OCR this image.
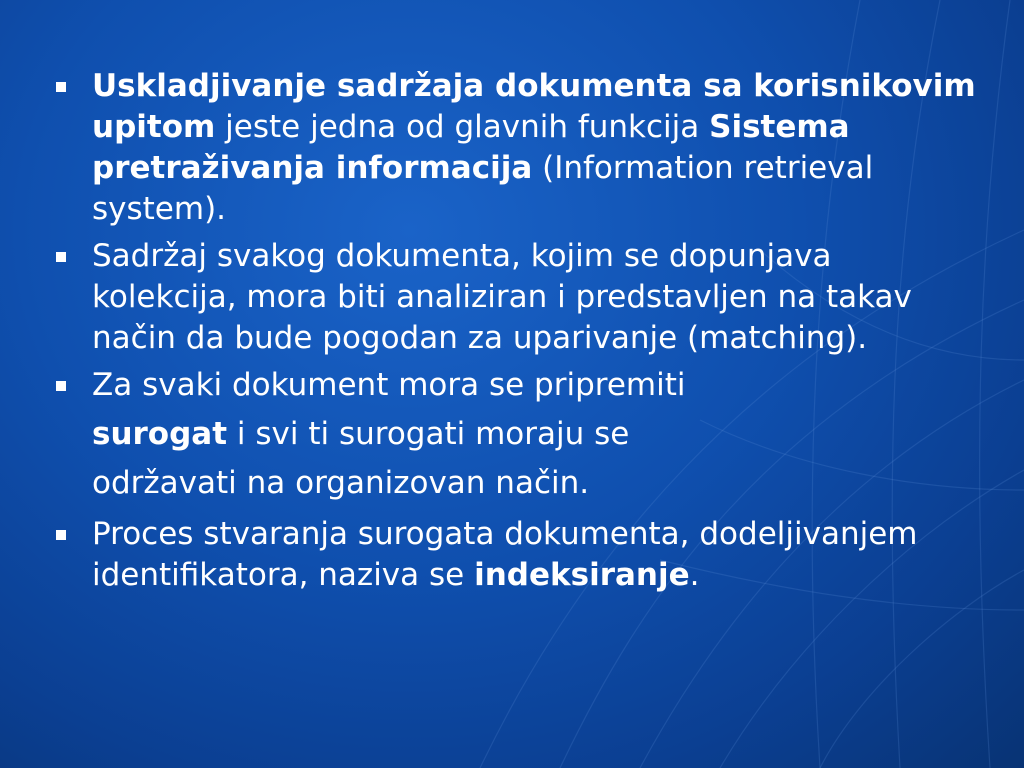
Uskladjivanje sadržaja dokumenta sa korisnikovim upitom jeste jedna od glavnih funkcija Sistema pretraživanja informacija (Information retrieval system).
Sadržaj svakog dokumenta, kojim se dopunjava kolekcija, mora biti analiziran i predstavljen na takav način da bude pogodan za uparivanje (matching).
Za svaki dokument mora se pripremiti
surogat i svi ti surogati moraju se
održavati na organizovan način.
Proces stvaranja surogata dokumenta, dodeljivanjem identifikatora, naziva se indeksiranje.
